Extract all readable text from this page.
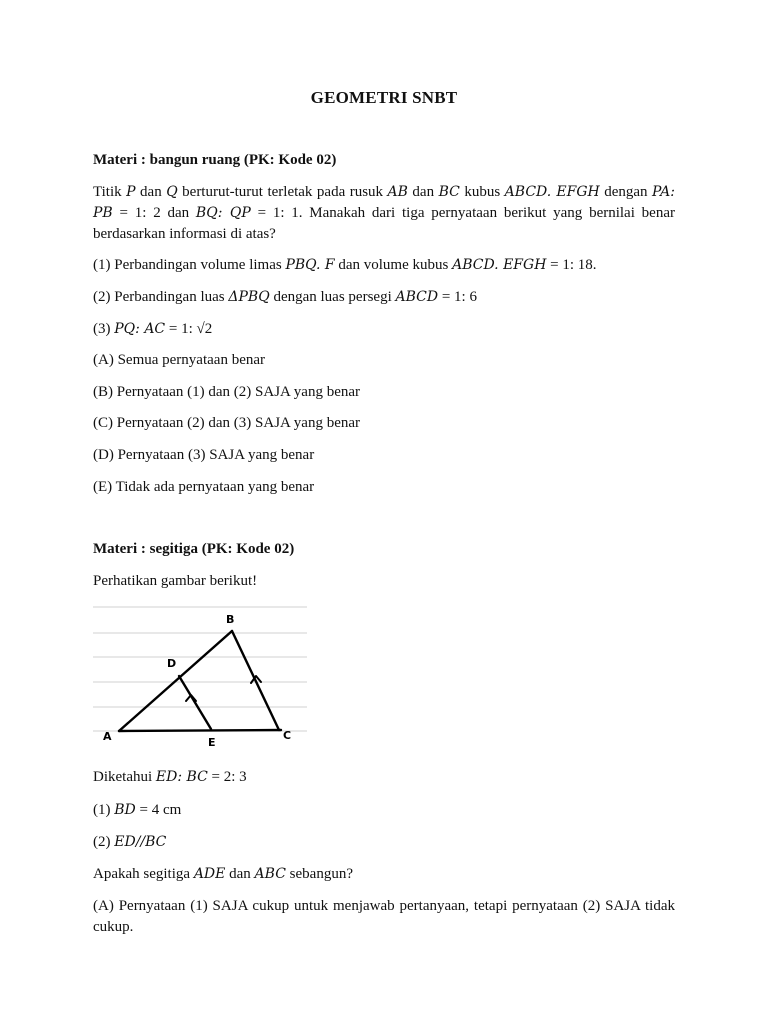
GEOMETRI SNBT
Materi : bangun ruang (PK: Kode 02)
Titik P dan Q berturut-turut terletak pada rusuk AB dan BC kubus ABCD. EFGH dengan PA: PB = 1: 2 dan BQ: QP = 1: 1. Manakah dari tiga pernyataan berikut yang bernilai benar berdasarkan informasi di atas?
(1) Perbandingan volume limas PBQ. F dan volume kubus ABCD. EFGH = 1: 18.
(2) Perbandingan luas ΔPBQ dengan luas persegi ABCD = 1: 6
(3) PQ: AC = 1: √2
(A) Semua pernyataan benar
(B) Pernyataan (1) dan (2) SAJA yang benar
(C) Pernyataan (2) dan (3) SAJA yang benar
(D) Pernyataan (3) SAJA yang benar
(E) Tidak ada pernyataan yang benar
Materi : segitiga (PK: Kode 02)
Perhatikan gambar berikut!
B
D
A	E
C
Diketahui ED: BC = 2: 3
(1) BD = 4 cm
(2) ED//BC
Apakah segitiga ADE dan ABC sebangun?
(A) Pernyataan (1) SAJA cukup untuk menjawab pertanyaan, tetapi pernyataan (2) SAJA tidak cukup.
